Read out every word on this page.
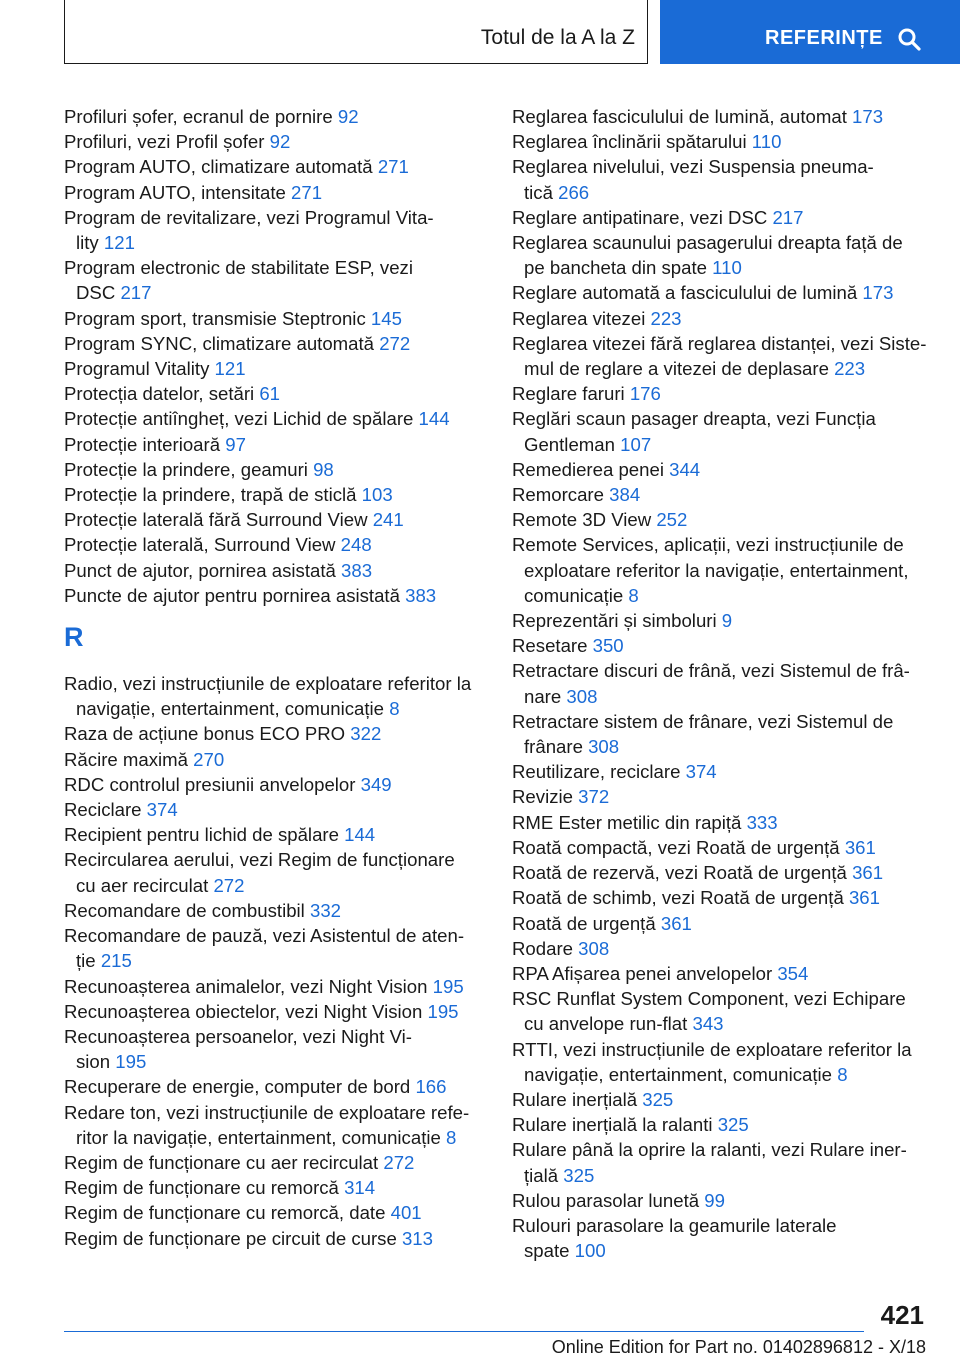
Totul de la A la Z	REFERINȚE
Profiluri șofer, ecranul de pornire 92
Profiluri, vezi Profil șofer 92
Program AUTO, climatizare automată 271
Program AUTO, intensitate 271
Program de revitalizare, vezi Programul Vita-
lity 121
Program electronic de stabilitate ESP, vezi
DSC 217
Program sport, transmisie Steptronic 145
Program SYNC, climatizare automată 272
Programul Vitality 121
Protecția datelor, setări 61
Protecție antiîngheț, vezi Lichid de spălare 144
Protecție interioară 97
Protecție la prindere, geamuri 98
Protecție la prindere, trapă de sticlă 103
Protecție laterală fără Surround View 241
Protecție laterală, Surround View 248
Punct de ajutor, pornirea asistată 383
Puncte de ajutor pentru pornirea asistată 383
R
Radio, vezi instrucțiunile de exploatare referitor la
navigație, entertainment, comunicație 8
Raza de acțiune bonus ECO PRO 322
Răcire maximă 270
RDC controlul presiunii anvelopelor 349
Reciclare 374
Recipient pentru lichid de spălare 144
Recircularea aerului, vezi Regim de funcționare
cu aer recirculat 272
Recomandare de combustibil 332
Recomandare de pauză, vezi Asistentul de aten-
ție 215
Recunoașterea animalelor, vezi Night Vision 195
Recunoașterea obiectelor, vezi Night Vision 195
Recunoașterea persoanelor, vezi Night Vi-
sion 195
Recuperare de energie, computer de bord 166
Redare ton, vezi instrucțiunile de exploatare refe-
ritor la navigație, entertainment, comunicație 8
Regim de funcționare cu aer recirculat 272
Regim de funcționare cu remorcă 314
Regim de funcționare cu remorcă, date 401
Regim de funcționare pe circuit de curse 313
Reglarea fasciculului de lumină, automat 173
Reglarea înclinării spătarului 110
Reglarea nivelului, vezi Suspensia pneuma-
tică 266
Reglare antipatinare, vezi DSC 217
Reglarea scaunului pasagerului dreapta față de
pe bancheta din spate 110
Reglare automată a fasciculului de lumină 173
Reglarea vitezei 223
Reglarea vitezei fără reglarea distanței, vezi Siste-
mul de reglare a vitezei de deplasare 223
Reglare faruri 176
Reglări scaun pasager dreapta, vezi Funcția
Gentleman 107
Remedierea penei 344
Remorcare 384
Remote 3D View 252
Remote Services, aplicații, vezi instrucțiunile de
exploatare referitor la navigație, entertainment,
comunicație 8
Reprezentări și simboluri 9
Resetare 350
Retractare discuri de frână, vezi Sistemul de frâ-
nare 308
Retractare sistem de frânare, vezi Sistemul de
frânare 308
Reutilizare, reciclare 374
Revizie 372
RME Ester metilic din rapiță 333
Roată compactă, vezi Roată de urgență 361
Roată de rezervă, vezi Roată de urgență 361
Roată de schimb, vezi Roată de urgență 361
Roată de urgență 361
Rodare 308
RPA Afișarea penei anvelopelor 354
RSC Runflat System Component, vezi Echipare
cu anvelope run-flat 343
RTTI, vezi instrucțiunile de exploatare referitor la
navigație, entertainment, comunicație 8
Rulare inerțială 325
Rulare inerțială la ralanti 325
Rulare până la oprire la ralanti, vezi Rulare iner-
țială 325
Rulou parasolar lunetă 99
Rulouri parasolare la geamurile laterale
spate 100
421
Online Edition for Part no. 01402896812 - X/18
